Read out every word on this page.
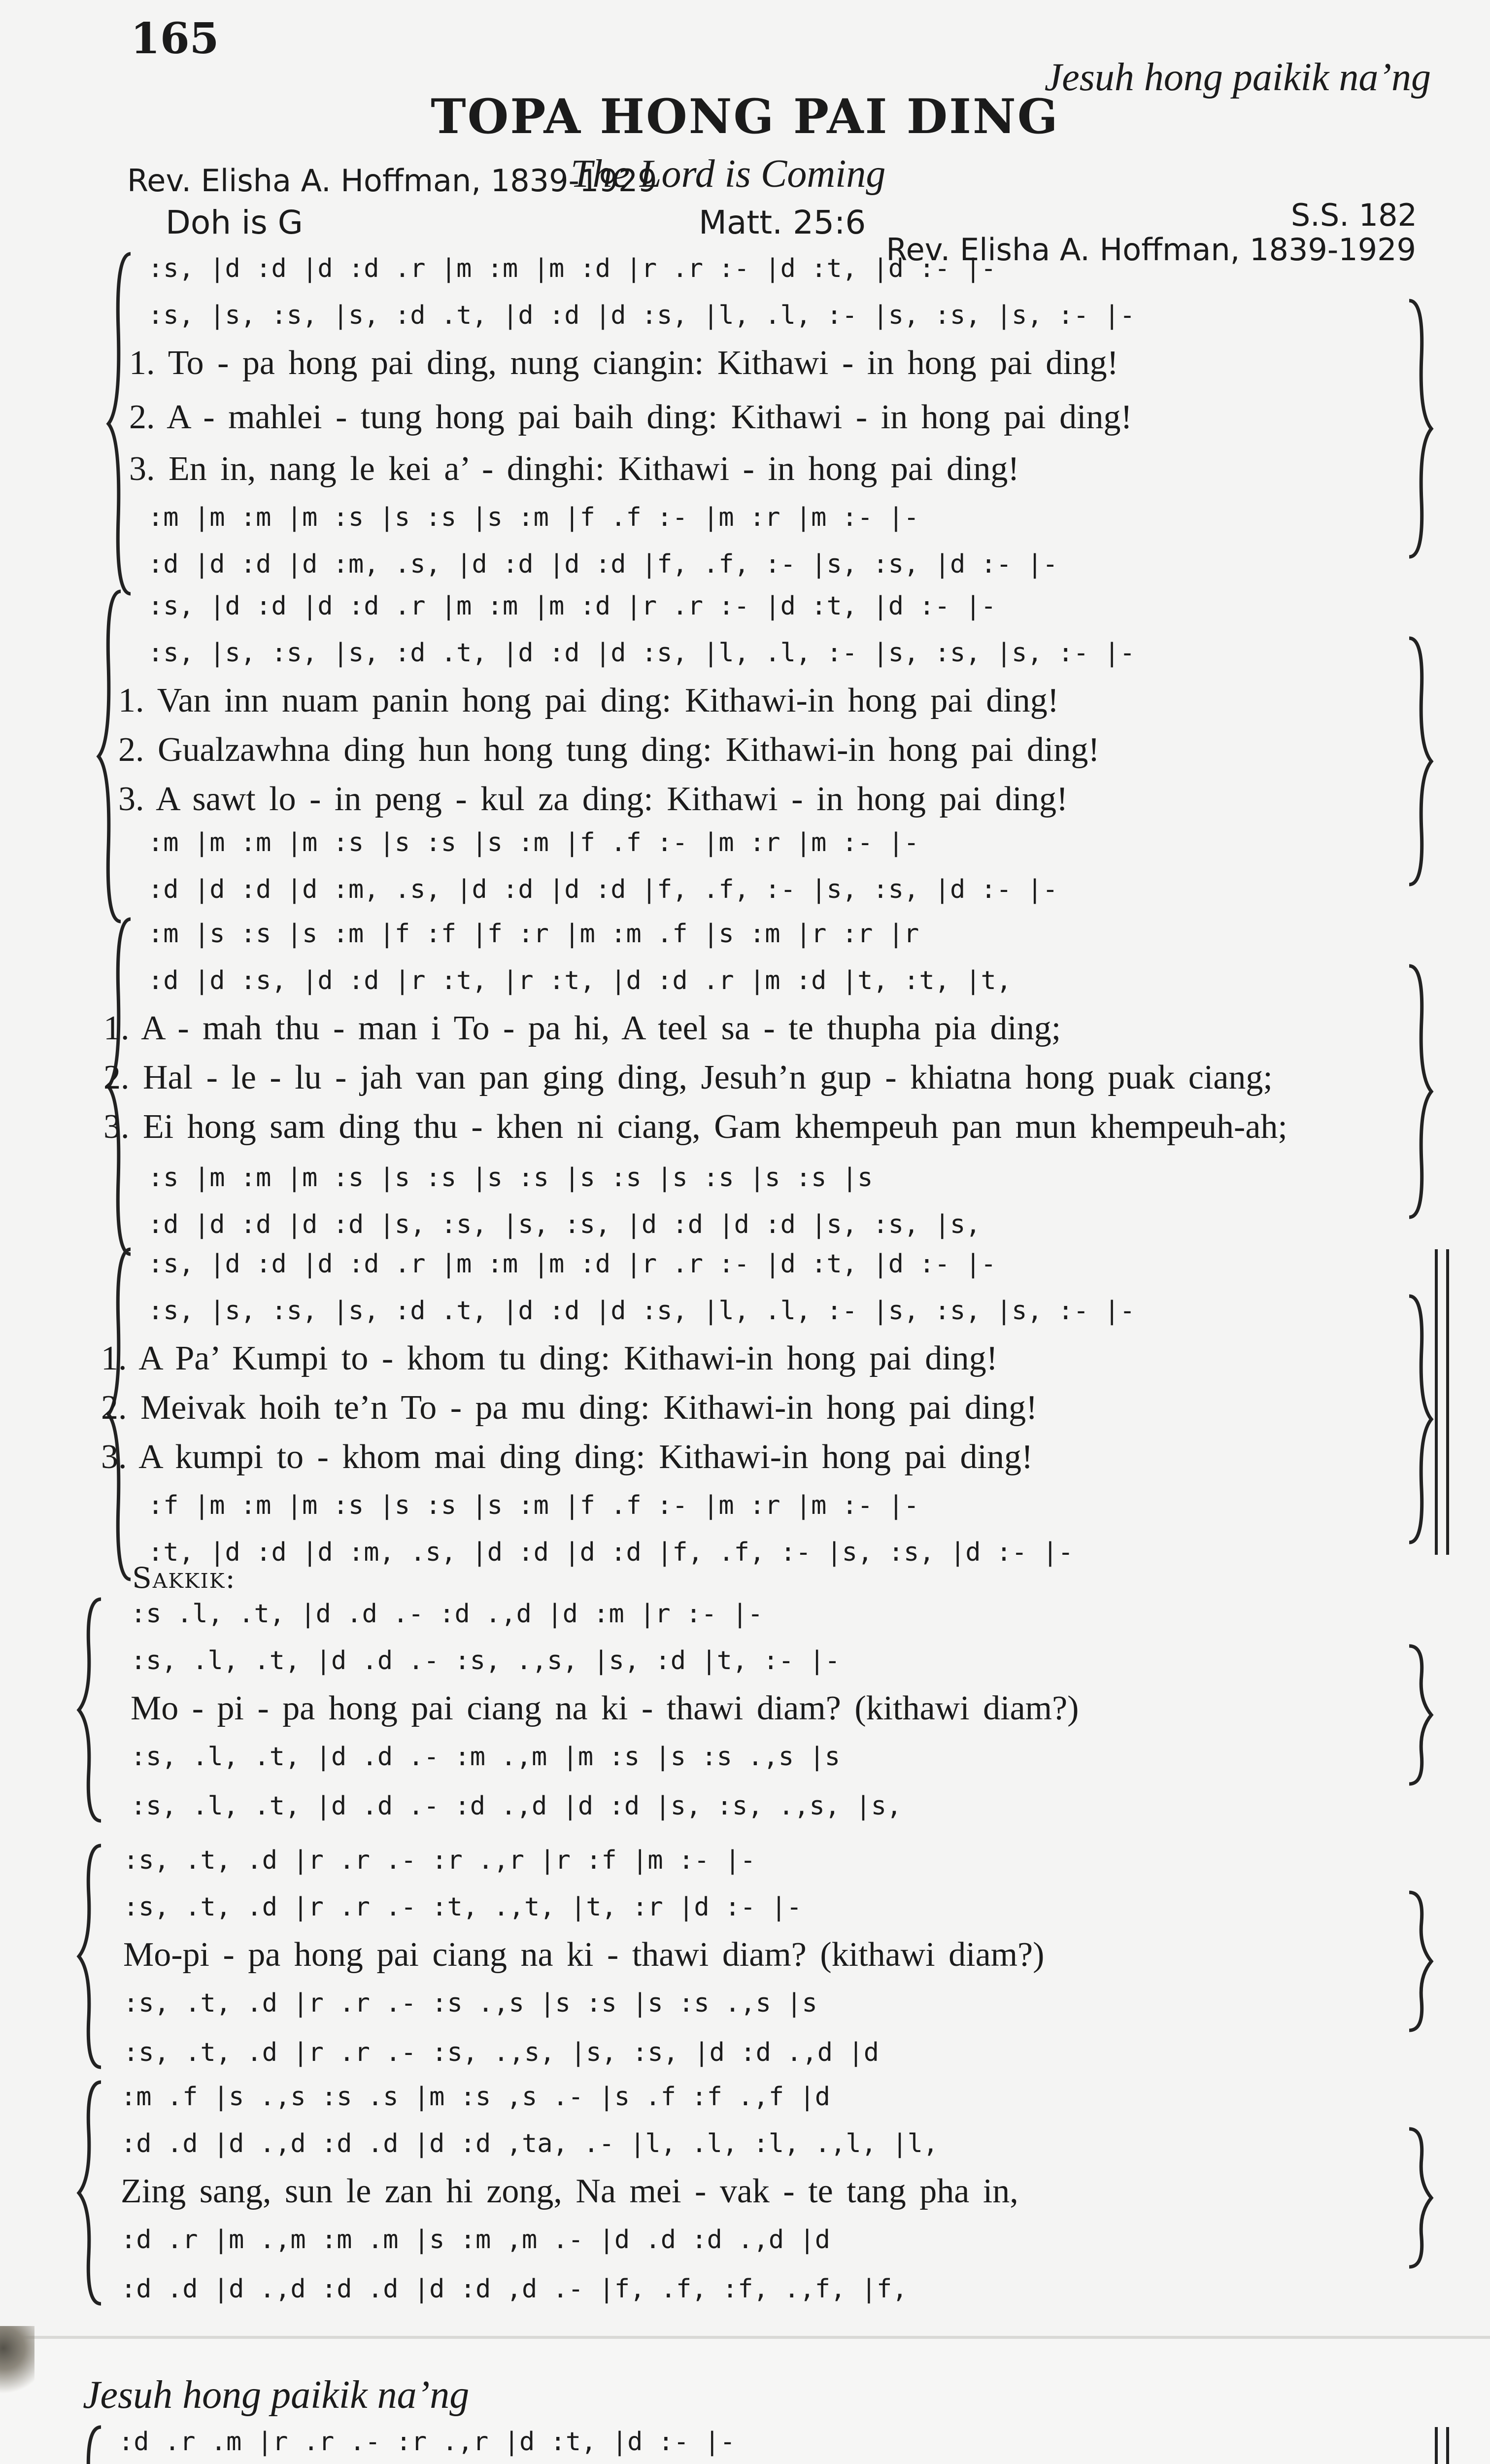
165
Jesuh hong paikik na’ng
TOPA HONG PAI DING
Rev. Elisha A. Hoffman, 1839-1929
The Lord is Coming
Doh is G	Matt. 25:6	S.S. 182
Rev. Elisha A. Hoffman, 1839-1929
Sakkik:
Jesuh hong paikik na’ng
:s, |d :d |d :d .r |m :m |m :d |r .r :- |d :t, |d :- |-
:s, |s, :s, |s, :d .t, |d :d |d :s, |l, .l, :- |s, :s, |s, :- |-
1. To - pa hong pai ding, nung ciangin: Kithawi - in hong pai ding!
2. A - mahlei - tung hong pai baih ding: Kithawi - in hong pai ding!
3. En in, nang le kei a’ - dinghi: Kithawi - in hong pai ding!
:m |m :m |m :s |s :s |s :m |f .f :- |m :r |m :- |-
:d |d :d |d :m, .s, |d :d |d :d |f, .f, :- |s, :s, |d :- |-
:s, |d :d |d :d .r |m :m |m :d |r .r :- |d :t, |d :- |-
:s, |s, :s, |s, :d .t, |d :d |d :s, |l, .l, :- |s, :s, |s, :- |-
1. Van inn nuam panin hong pai ding: Kithawi-in hong pai ding!
2. Gualzawhna ding hun hong tung ding: Kithawi-in hong pai ding!
3. A sawt lo - in peng - kul za ding: Kithawi - in hong pai ding!
:m |m :m |m :s |s :s |s :m |f .f :- |m :r |m :- |-
:d |d :d |d :m, .s, |d :d |d :d |f, .f, :- |s, :s, |d :- |-
:m |s :s |s :m |f :f |f :r |m :m .f |s :m |r :r |r
:d |d :s, |d :d |r :t, |r :t, |d :d .r |m :d |t, :t, |t,
1. A - mah thu - man i To - pa hi, A teel sa - te thupha pia ding;
2. Hal - le - lu - jah van pan ging ding, Jesuh’n gup - khiatna hong puak ciang;
3. Ei hong sam ding thu - khen ni ciang, Gam khempeuh pan mun khempeuh-ah;
:s |m :m |m :s |s :s |s :s |s :s |s :s |s :s |s
:d |d :d |d :d |s, :s, |s, :s, |d :d |d :d |s, :s, |s,
:s, |d :d |d :d .r |m :m |m :d |r .r :- |d :t, |d :- |-
:s, |s, :s, |s, :d .t, |d :d |d :s, |l, .l, :- |s, :s, |s, :- |-
1. A Pa’ Kumpi to - khom tu ding: Kithawi-in hong pai ding!
2. Meivak hoih te’n To - pa mu ding: Kithawi-in hong pai ding!
3. A kumpi to - khom mai ding ding: Kithawi-in hong pai ding!
:f |m :m |m :s |s :s |s :m |f .f :- |m :r |m :- |-
:t, |d :d |d :m, .s, |d :d |d :d |f, .f, :- |s, :s, |d :- |-
:s .l, .t, |d .d .- :d .,d |d :m |r :- |-
:s, .l, .t, |d .d .- :s, .,s, |s, :d |t, :- |-
Mo - pi - pa hong pai ciang na ki - thawi diam? (kithawi diam?)
:s, .l, .t, |d .d .- :m .,m |m :s |s :s .,s |s
:s, .l, .t, |d .d .- :d .,d |d :d |s, :s, .,s, |s,
:s, .t, .d |r .r .- :r .,r |r :f |m :- |-
:s, .t, .d |r .r .- :t, .,t, |t, :r |d :- |-
Mo-pi - pa hong pai ciang na ki - thawi diam? (kithawi diam?)
:s, .t, .d |r .r .- :s .,s |s :s |s :s .,s |s
:s, .t, .d |r .r .- :s, .,s, |s, :s, |d :d .,d |d
:m .f |s .,s :s .s |m :s ,s .- |s .f :f .,f |d
:d .d |d .,d :d .d |d :d ,ta, .- |l, .l, :l, .,l, |l,
Zing sang, sun le zan hi zong, Na mei - vak - te tang pha in,
:d .r |m .,m :m .m |s :m ,m .- |d .d :d .,d |d
:d .d |d .,d :d .d |d :d ,d .- |f, .f, :f, .,f, |f,
:d .r .m |r .r .- :r .,r |d :t, |d :- |-
